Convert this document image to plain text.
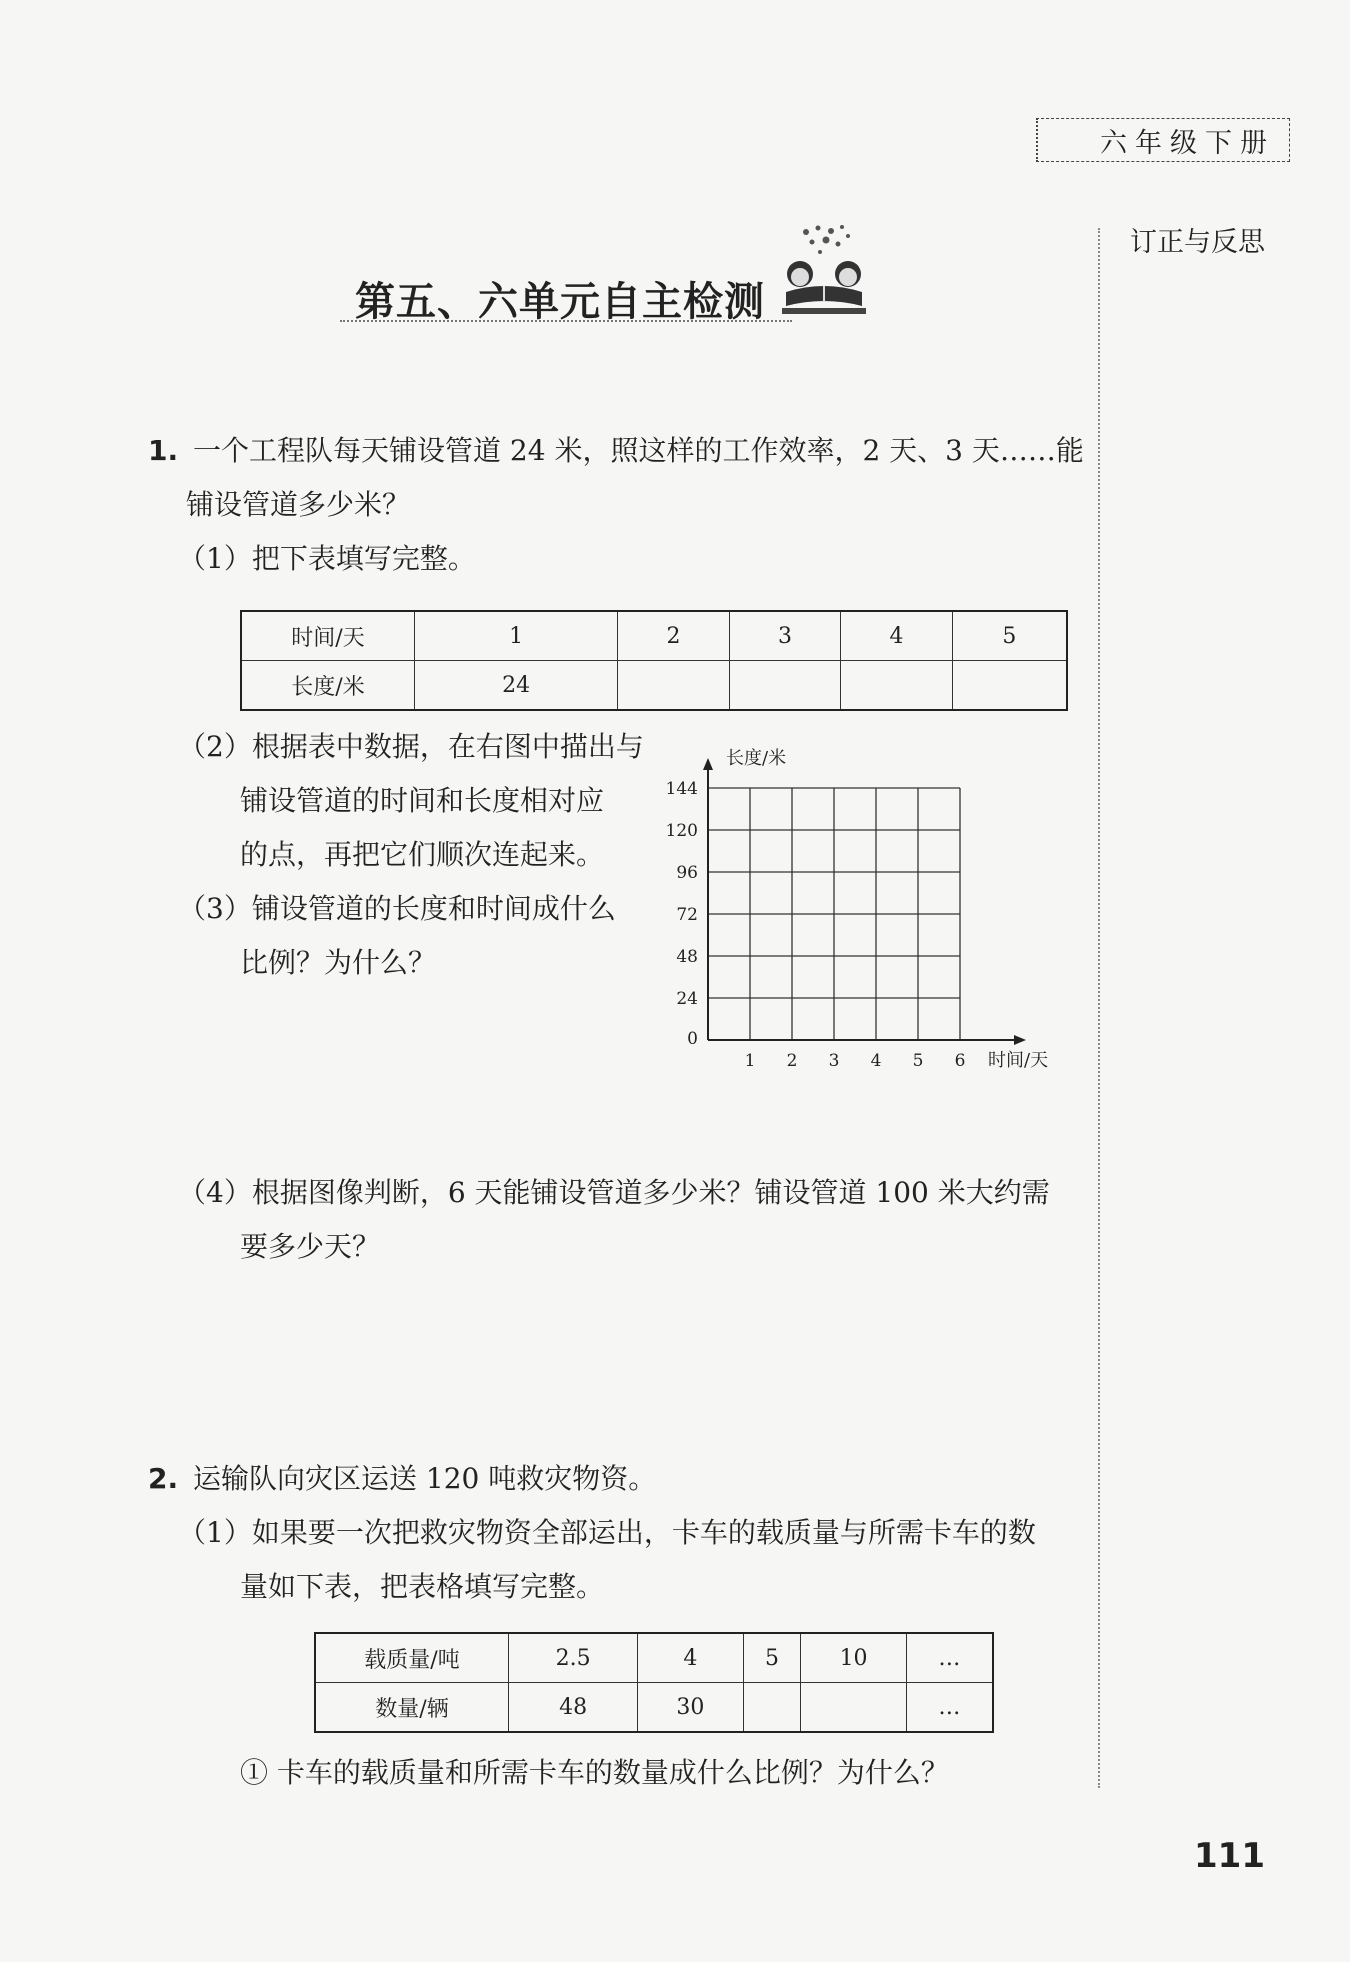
六年级下册
订正与反思
第五、六单元自主检测
1. 一个工程队每天铺设管道 24 米，照这样的工作效率，2 天、3 天……能
铺设管道多少米？
（1）把下表填写完整。
时间/天	1	2	3	4	5
长度/米	24				
（2）根据表中数据，在右图中描出与
铺设管道的时间和长度相对应
的点，再把它们顺次连起来。
（3）铺设管道的长度和时间成什么
比例？为什么？
1 2 3 4 5 6
0
24
48
72
96
120
144
时间/天
长度/米
（4）根据图像判断，6 天能铺设管道多少米？铺设管道 100 米大约需
要多少天？
2. 运输队向灾区运送 120 吨救灾物资。
（1）如果要一次把救灾物资全部运出，卡车的载质量与所需卡车的数
量如下表，把表格填写完整。
载质量/吨	2.5	4	5	10	…
数量/辆	48	30			…
① 卡车的载质量和所需卡车的数量成什么比例？为什么？
111
